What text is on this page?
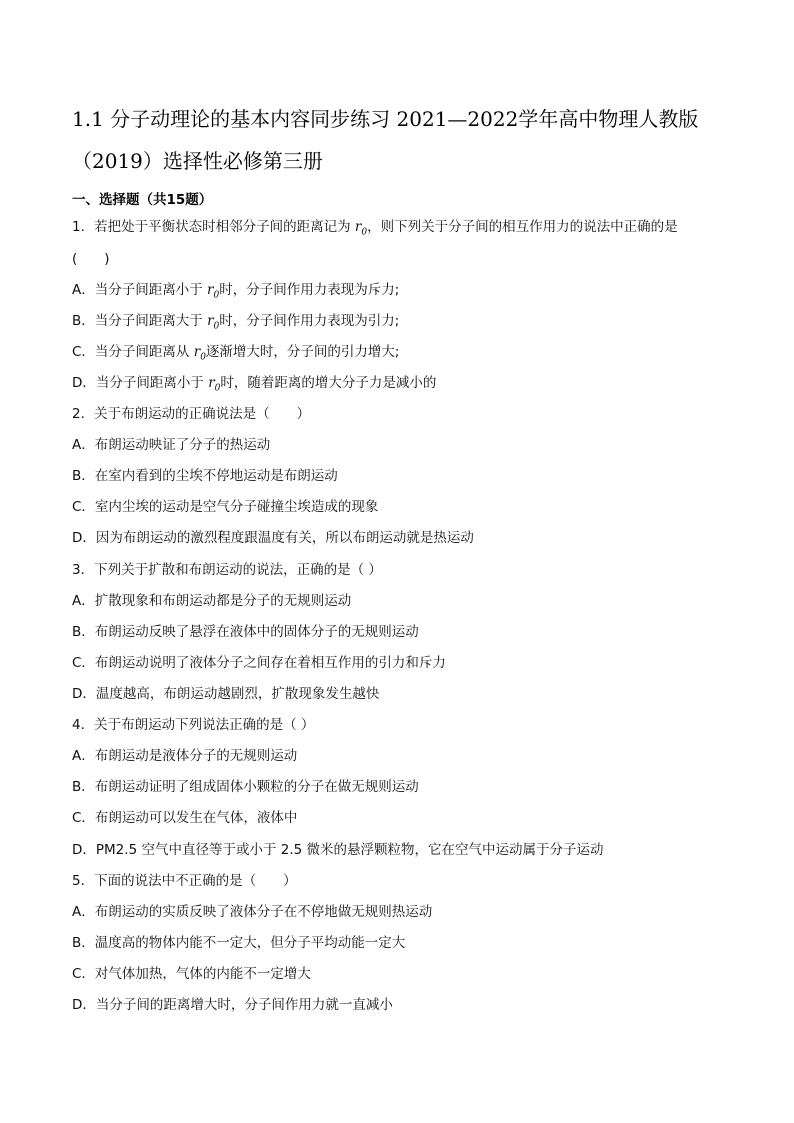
1.1 分子动理论的基本内容同步练习 2021—2022学年高中物理人教版
（2019）选择性必修第三册
一、选择题（共15题）
1．若把处于平衡状态时相邻分子间的距离记为 $r_0$，则下列关于分子间的相互作用力的说法中正确的是
(　　)
A．当分子间距离小于 $r_0$时，分子间作用力表现为斥力;
B．当分子间距离大于 $r_0$时，分子间作用力表现为引力;
C．当分子间距离从 $r_0$逐渐增大时，分子间的引力增大;
D．当分子间距离小于 $r_0$时，随着距离的增大分子力是减小的
2．关于布朗运动的正确说法是（　　）
A．布朗运动映证了分子的热运动
B．在室内看到的尘埃不停地运动是布朗运动
C．室内尘埃的运动是空气分子碰撞尘埃造成的现象
D．因为布朗运动的激烈程度跟温度有关，所以布朗运动就是热运动
3．下列关于扩散和布朗运动的说法，正确的是（ ）
A．扩散现象和布朗运动都是分子的无规则运动
B．布朗运动反映了悬浮在液体中的固体分子的无规则运动
C．布朗运动说明了液体分子之间存在着相互作用的引力和斥力
D．温度越高，布朗运动越剧烈，扩散现象发生越快
4．关于布朗运动下列说法正确的是（ ）
A．布朗运动是液体分子的无规则运动
B．布朗运动证明了组成固体小颗粒的分子在做无规则运动
C．布朗运动可以发生在气体，液体中
D．PM2.5 空气中直径等于或小于 2.5 微米的悬浮颗粒物，它在空气中运动属于分子运动
5．下面的说法中不正确的是（　　）
A．布朗运动的实质反映了液体分子在不停地做无规则热运动
B．温度高的物体内能不一定大，但分子平均动能一定大
C．对气体加热，气体的内能不一定增大
D．当分子间的距离增大时，分子间作用力就一直减小
